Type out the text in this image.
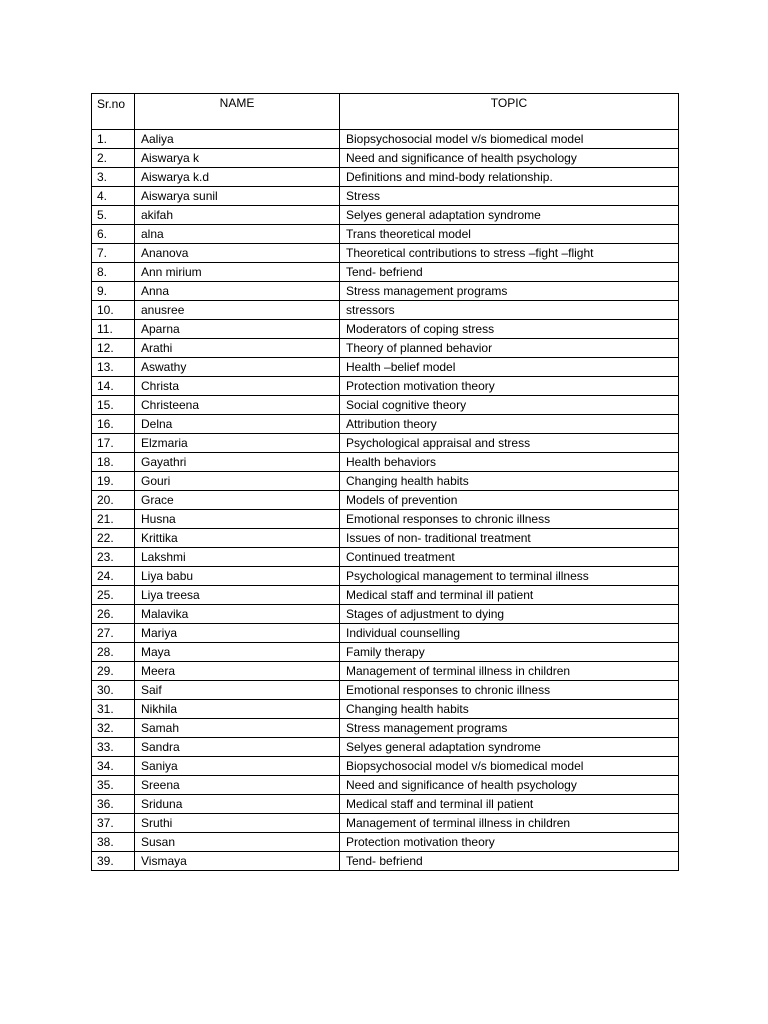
Sr.no	NAME	TOPIC
1.	Aaliya	Biopsychosocial model v/s biomedical model
2.	Aiswarya k	Need and significance of health psychology
3.	Aiswarya k.d	Definitions and mind-body relationship.
4.	Aiswarya sunil	Stress
5.	akifah	Selyes general adaptation syndrome
6.	alna	Trans theoretical model
7.	Ananova	Theoretical contributions to stress –fight –flight
8.	Ann mirium	Tend- befriend
9.	Anna	Stress management programs
10.	anusree	stressors
11.	Aparna	Moderators of coping stress
12.	Arathi	Theory of planned behavior
13.	Aswathy	Health –belief model
14.	Christa	Protection motivation theory
15.	Christeena	Social cognitive theory
16.	Delna	Attribution theory
17.	Elzmaria	Psychological appraisal and stress
18.	Gayathri	Health behaviors
19.	Gouri	Changing health habits
20.	Grace	Models of prevention
21.	Husna	Emotional responses to chronic illness
22.	Krittika	Issues of non- traditional treatment
23.	Lakshmi	Continued treatment
24.	Liya babu	Psychological management to terminal illness
25.	Liya treesa	Medical staff and terminal ill patient
26.	Malavika	Stages of adjustment to dying
27.	Mariya	Individual counselling
28.	Maya	Family therapy
29.	Meera	Management of terminal illness in children
30.	Saif	Emotional responses to chronic illness
31.	Nikhila	Changing health habits
32.	Samah	Stress management programs
33.	Sandra	Selyes general adaptation syndrome
34.	Saniya	Biopsychosocial model v/s biomedical model
35.	Sreena	Need and significance of health psychology
36.	Sriduna	Medical staff and terminal ill patient
37.	Sruthi	Management of terminal illness in children
38.	Susan	Protection motivation theory
39.	Vismaya	Tend- befriend
